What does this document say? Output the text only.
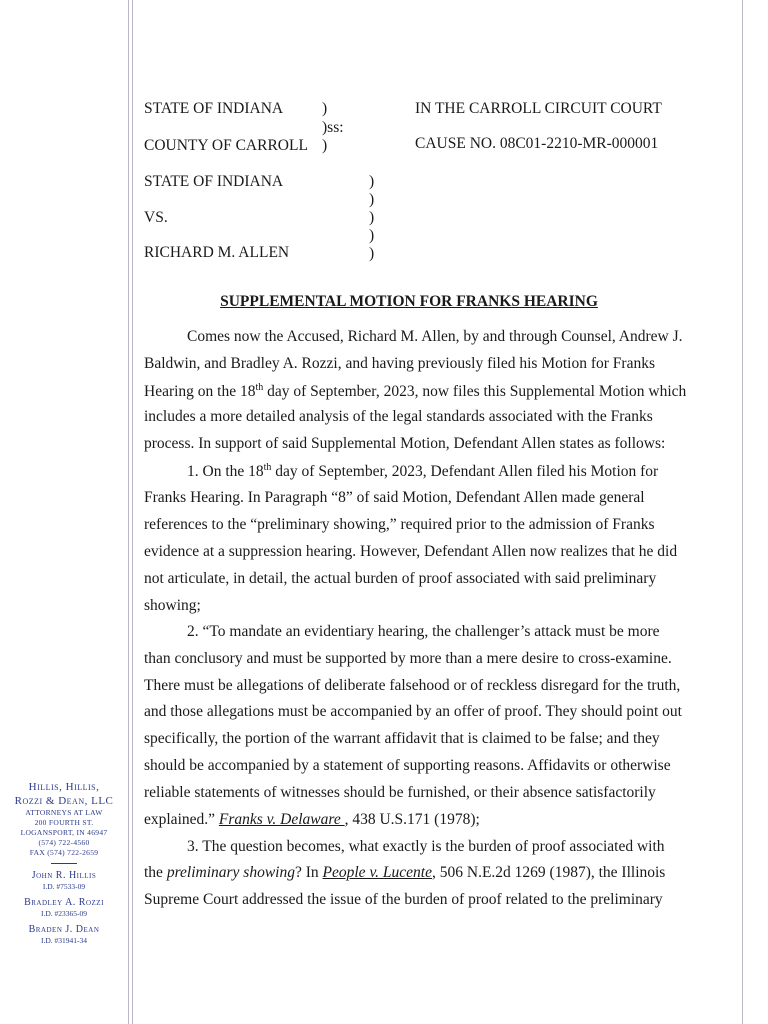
STATE OF INDIANA	)
)ss:
COUNTY OF CARROLL )
IN THE CARROLL CIRCUIT COURT
CAUSE NO. 08C01-2210-MR-000001
STATE OF INDIANA
VS.
RICHARD M. ALLEN
)
)
)
)
)
SUPPLEMENTAL MOTION FOR FRANKS HEARING
Comes now the Accused, Richard M. Allen, by and through Counsel, Andrew J.
Baldwin, and Bradley A. Rozzi, and having previously filed his Motion for Franks
Hearing on the 18th day of September, 2023, now files this Supplemental Motion which
includes a more detailed analysis of the legal standards associated with the Franks
process. In support of said Supplemental Motion, Defendant Allen states as follows:
1. On the 18th day of September, 2023, Defendant Allen filed his Motion for
Franks Hearing. In Paragraph “8” of said Motion, Defendant Allen made general
references to the “preliminary showing,” required prior to the admission of Franks
evidence at a suppression hearing. However, Defendant Allen now realizes that he did
not articulate, in detail, the actual burden of proof associated with said preliminary
showing;
2. “To mandate an evidentiary hearing, the challenger’s attack must be more
than conclusory and must be supported by more than a mere desire to cross-examine.
There must be allegations of deliberate falsehood or of reckless disregard for the truth,
and those allegations must be accompanied by an offer of proof. They should point out
specifically, the portion of the warrant affidavit that is claimed to be false; and they
should be accompanied by a statement of supporting reasons. Affidavits or otherwise
reliable statements of witnesses should be furnished, or their absence satisfactorily
explained.” Franks v. Delaware , 438 U.S.171 (1978);
3. The question becomes, what exactly is the burden of proof associated with
the preliminary showing? In People v. Lucente, 506 N.E.2d 1269 (1987), the Illinois
Supreme Court addressed the issue of the burden of proof related to the preliminary
Hillis, Hillis,
Rozzi & Dean, LLC
ATTORNEYS AT LAW
200 FOURTH ST.
LOGANSPORT, IN 46947
(574) 722-4560
FAX (574) 722-2659
John R. Hillis
I.D. #7533-09
Bradley A. Rozzi
I.D. #23365-09
Braden J. Dean
I.D. #31941-34
